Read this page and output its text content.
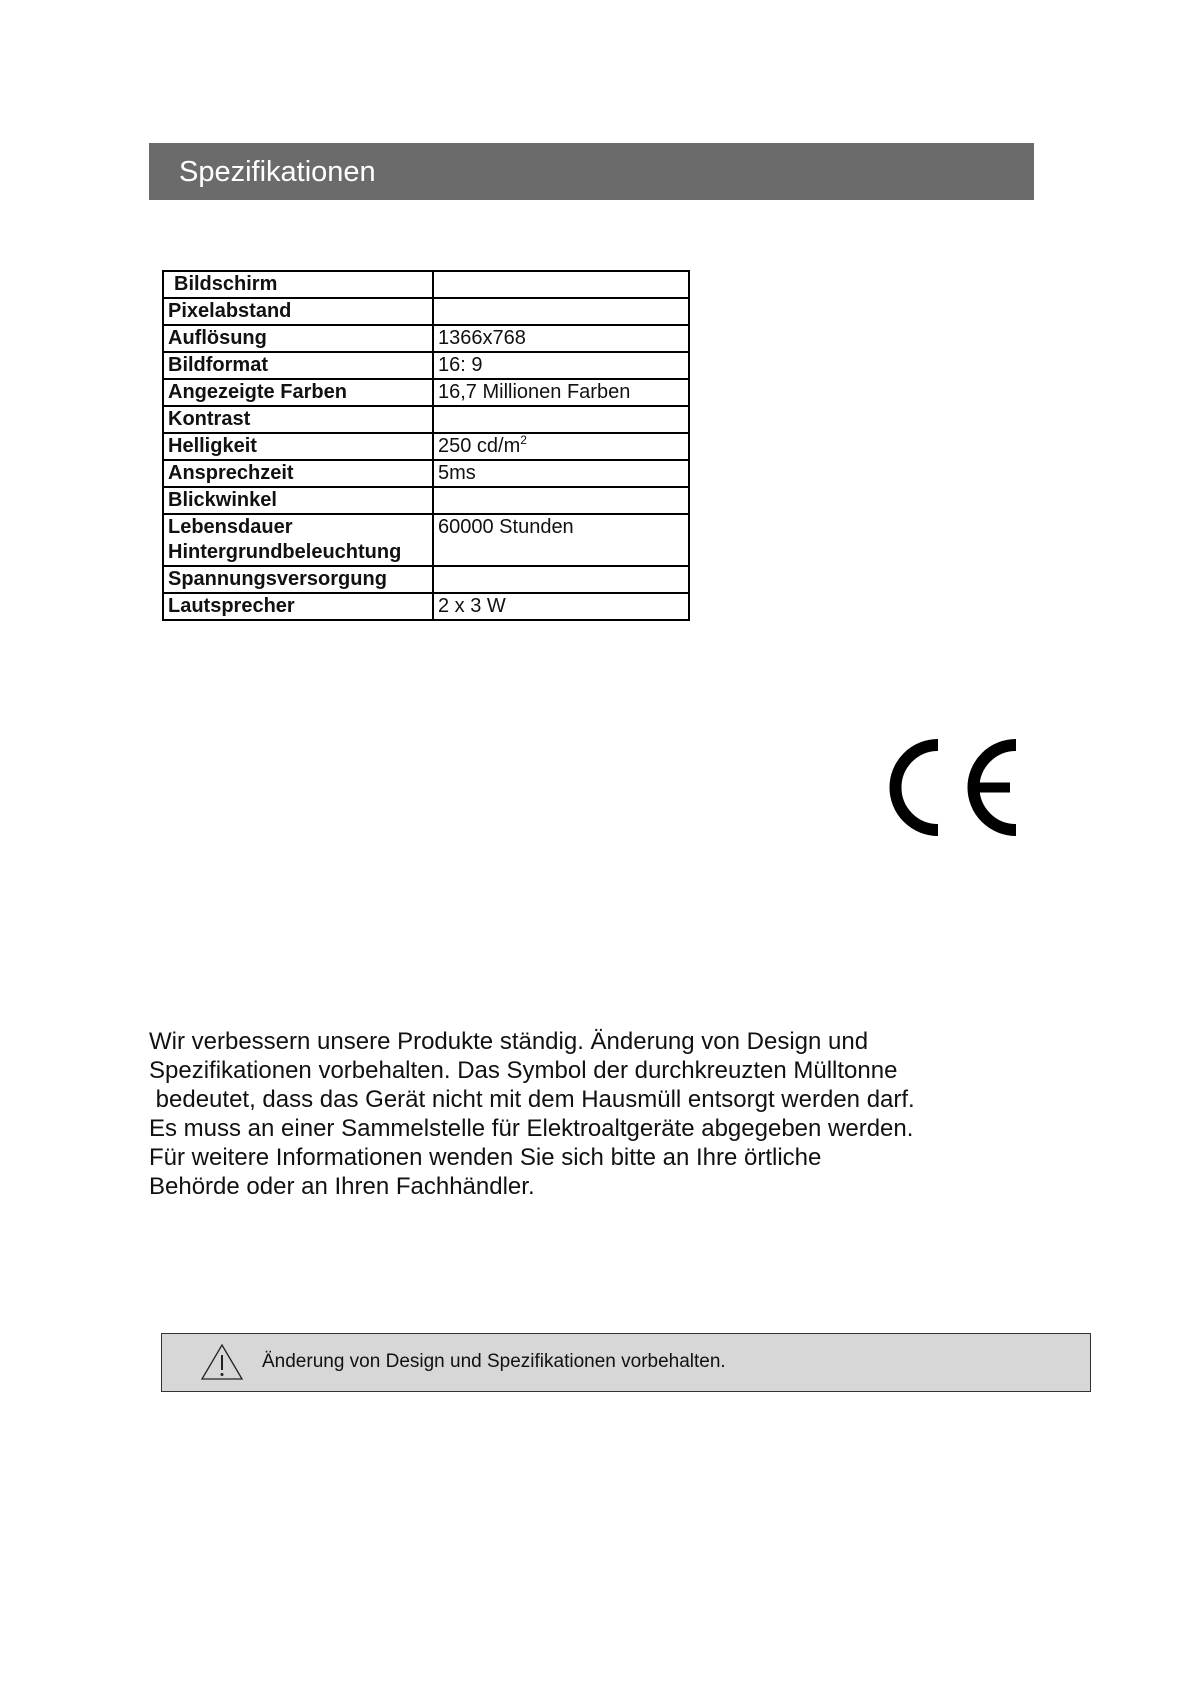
Spezifikationen
Bildschirm	
Pixelabstand	
Auflösung	1366x768
Bildformat	16: 9
Angezeigte Farben	16,7 Millionen Farben
Kontrast	
Helligkeit	250 $cd/m^2$
Ansprechzeit	5ms
Blickwinkel	

Lebensdauer
Hintergrundbeleuchtung	60000 Stunden
Spannungsversorgung	
Lautsprecher	2 x 3 W
Wir verbessern unsere Produkte ständig. Änderung von Design und
Spezifikationen vorbehalten. Das Symbol der durchkreuzten Mülltonne
bedeutet, dass das Gerät nicht mit dem Hausmüll entsorgt werden darf.
Es muss an einer Sammelstelle für Elektroaltgeräte abgegeben werden.
Für weitere Informationen wenden Sie sich bitte an Ihre örtliche
Behörde oder an Ihren Fachhändler.
Änderung von Design und Spezifikationen vorbehalten.
